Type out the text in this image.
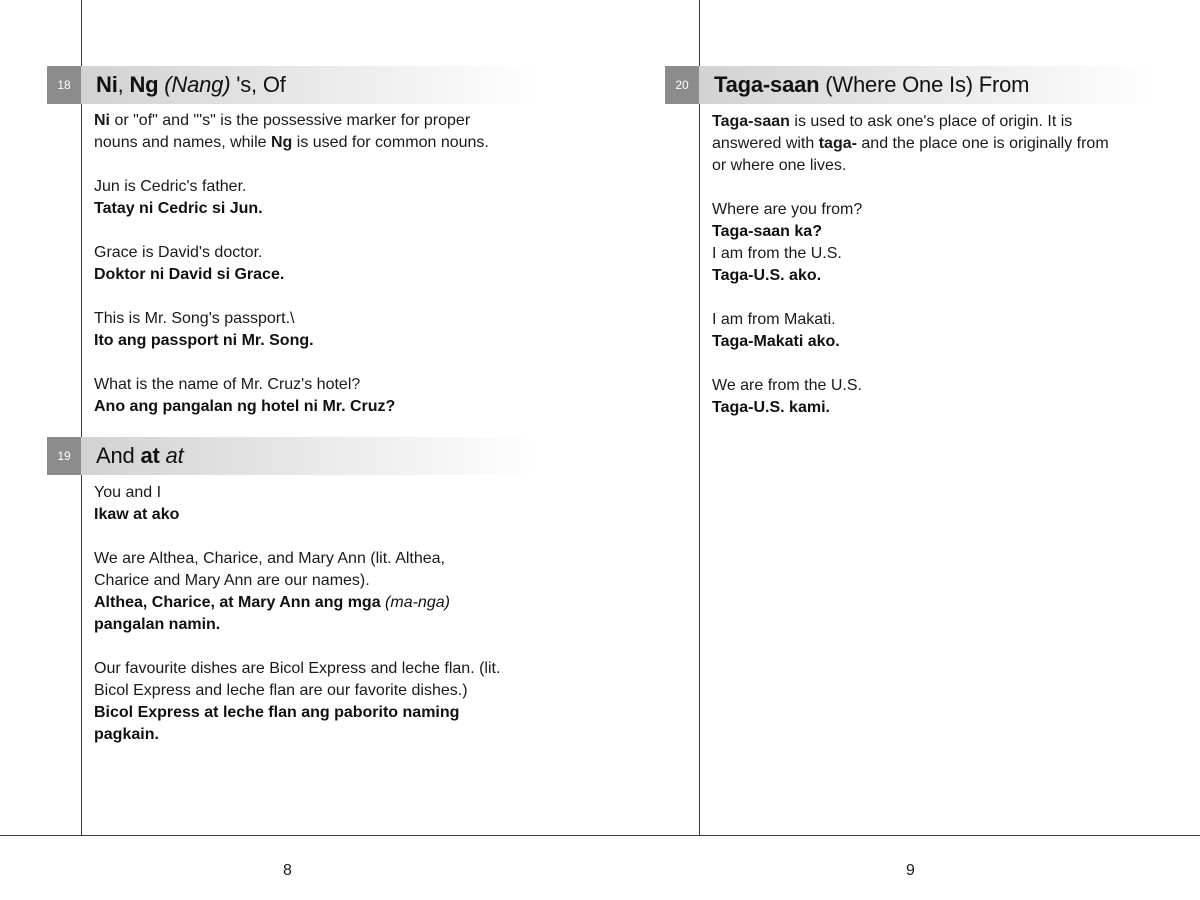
18	Ni, Ng (Nang) 's, Of
Ni or "of" and "'s" is the possessive marker for proper
nouns and names, while Ng is used for common nouns.
Jun is Cedric's father.
Tatay ni Cedric si Jun.
Grace is David's doctor.
Doktor ni David si Grace.
This is Mr. Song's passport.\
Ito ang passport ni Mr. Song.
What is the name of Mr. Cruz's hotel?
Ano ang pangalan ng hotel ni Mr. Cruz?
19	And at at
You and I
Ikaw at ako
We are Althea, Charice, and Mary Ann (lit. Althea,
Charice and Mary Ann are our names).
Althea, Charice, at Mary Ann ang mga (ma-nga)
pangalan namin.
Our favourite dishes are Bicol Express and leche flan. (lit.
Bicol Express and leche flan are our favorite dishes.)
Bicol Express at leche flan ang paborito naming
pagkain.
8
20	Taga-saan (Where One Is) From
Taga-saan is used to ask one's place of origin. It is
answered with taga- and the place one is originally from
or where one lives.
Where are you from?
Taga-saan ka?
I am from the U.S.
Taga-U.S. ako.
I am from Makati.
Taga-Makati ako.
We are from the U.S.
Taga-U.S. kami.
9
